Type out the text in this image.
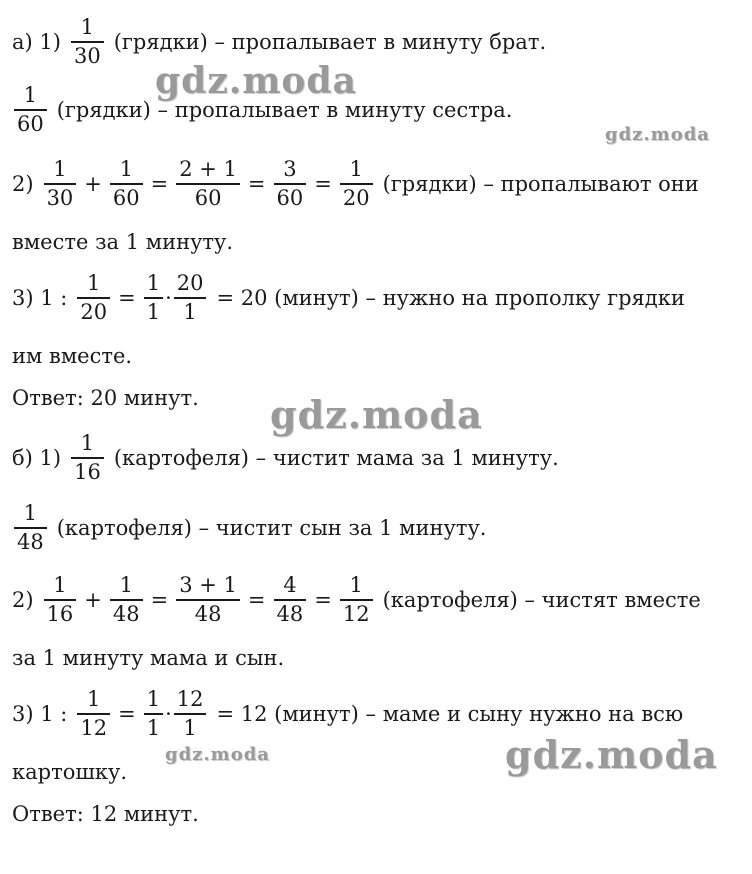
gdz.moda
gdz.moda
gdz.moda
gdz.moda	gdz.moda
а) $1) \frac{1}{30}$ (грядки) – пропалывает в минуту брат.
$\frac{1}{60}$ (грядки) – пропалывает в минуту сестра.
$2) \frac{1}{30} + \frac{1}{60} = \frac{2 + 1}{60} = \frac{3}{60} = \frac{1}{20}$ (грядки) – пропалывают они
вместе за 1 минуту.
3) 1 : $\frac{1}{20} = \frac{1}{1} \cdot \frac{20}{1} = 20$ (минут) – нужно на прополку грядки
им вместе.
Ответ: 20 минут.
б) $1) \frac{1}{16}$ (картофеля) – чистит мама за 1 минуту.
$\frac{1}{48}$ (картофеля) – чистит сын за 1 минуту.
$2) \frac{1}{16} + \frac{1}{48} = \frac{3 + 1}{48} = \frac{4}{48} = \frac{1}{12}$ (картофеля) – чистят вместе
за 1 минуту мама и сын.
3) 1 : $\frac{1}{12} = \frac{1}{1} \cdot \frac{12}{1} = 12$ (минут) – маме и сыну нужно на всю
картошку.
Ответ: 12 минут.
